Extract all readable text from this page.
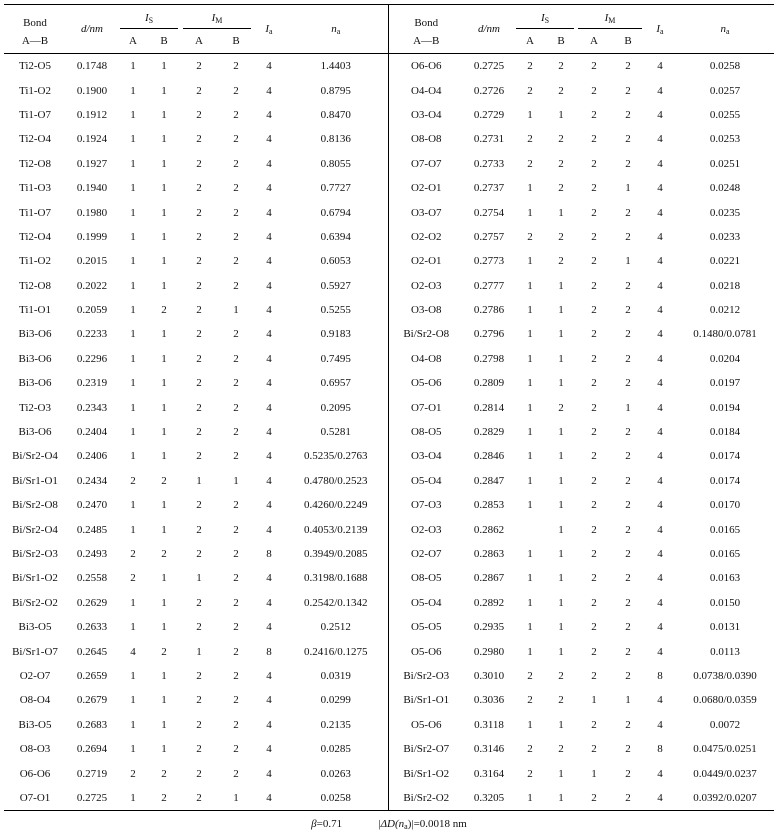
Bond	d/nm	$I_S$		$I_M$		$I_a$	$n_a$	Bond	d/nm	$I_S$		$I_M$		$I_a$	$n_a$
A—B		A	B	A	B			A—B		A	B	A	B		
Ti2-O5	0.1748	1	1	2	2	4	1.4403	O6-O6	0.2725	2	2	2	2	4	0.0258
Ti1-O2	0.1900	1	1	2	2	4	0.8795	O4-O4	0.2726	2	2	2	2	4	0.0257
Ti1-O7	0.1912	1	1	2	2	4	0.8470	O3-O4	0.2729	1	1	2	2	4	0.0255
Ti2-O4	0.1924	1	1	2	2	4	0.8136	O8-O8	0.2731	2	2	2	2	4	0.0253
Ti2-O8	0.1927	1	1	2	2	4	0.8055	O7-O7	0.2733	2	2	2	2	4	0.0251
Ti1-O3	0.1940	1	1	2	2	4	0.7727	O2-O1	0.2737	1	2	2	1	4	0.0248
Ti1-O7	0.1980	1	1	2	2	4	0.6794	O3-O7	0.2754	1	1	2	2	4	0.0235
Ti2-O4	0.1999	1	1	2	2	4	0.6394	O2-O2	0.2757	2	2	2	2	4	0.0233
Ti1-O2	0.2015	1	1	2	2	4	0.6053	O2-O1	0.2773	1	2	2	1	4	0.0221
Ti2-O8	0.2022	1	1	2	2	4	0.5927	O2-O3	0.2777	1	1	2	2	4	0.0218
Ti1-O1	0.2059	1	2	2	1	4	0.5255	O3-O8	0.2786	1	1	2	2	4	0.0212
Bi3-O6	0.2233	1	1	2	2	4	0.9183	Bi/Sr2-O8	0.2796	1	1	2	2	4	0.1480/0.0781
Bi3-O6	0.2296	1	1	2	2	4	0.7495	O4-O8	0.2798	1	1	2	2	4	0.0204
Bi3-O6	0.2319	1	1	2	2	4	0.6957	O5-O6	0.2809	1	1	2	2	4	0.0197
Ti2-O3	0.2343	1	1	2	2	4	0.2095	O7-O1	0.2814	1	2	2	1	4	0.0194
Bi3-O6	0.2404	1	1	2	2	4	0.5281	O8-O5	0.2829	1	1	2	2	4	0.0184
Bi/Sr2-O4	0.2406	1	1	2	2	4	0.5235/0.2763	O3-O4	0.2846	1	1	2	2	4	0.0174
Bi/Sr1-O1	0.2434	2	2	1	1	4	0.4780/0.2523	O5-O4	0.2847	1	1	2	2	4	0.0174
Bi/Sr2-O8	0.2470	1	1	2	2	4	0.4260/0.2249	O7-O3	0.2853	1	1	2	2	4	0.0170
Bi/Sr2-O4	0.2485	1	1	2	2	4	0.4053/0.2139	O2-O3	0.2862		1	2	2	4	0.0165
Bi/Sr2-O3	0.2493	2	2	2	2	8	0.3949/0.2085	O2-O7	0.2863	1	1	2	2	4	0.0165
Bi/Sr1-O2	0.2558	2	1	1	2	4	0.3198/0.1688	O8-O5	0.2867	1	1	2	2	4	0.0163
Bi/Sr2-O2	0.2629	1	1	2	2	4	0.2542/0.1342	O5-O4	0.2892	1	1	2	2	4	0.0150
Bi3-O5	0.2633	1	1	2	2	4	0.2512	O5-O5	0.2935	1	1	2	2	4	0.0131
Bi/Sr1-O7	0.2645	4	2	1	2	8	0.2416/0.1275	O5-O6	0.2980	1	1	2	2	4	0.0113
O2-O7	0.2659	1	1	2	2	4	0.0319	Bi/Sr2-O3	0.3010	2	2	2	2	8	0.0738/0.0390
O8-O4	0.2679	1	1	2	2	4	0.0299	Bi/Sr1-O1	0.3036	2	2	1	1	4	0.0680/0.0359
Bi3-O5	0.2683	1	1	2	2	4	0.2135	O5-O6	0.3118	1	1	2	2	4	0.0072
O8-O3	0.2694	1	1	2	2	4	0.0285	Bi/Sr2-O7	0.3146	2	2	2	2	8	0.0475/0.0251
O6-O6	0.2719	2	2	2	2	4	0.0263	Bi/Sr1-O2	0.3164	2	1	1	2	4	0.0449/0.0237
O7-O1	0.2725	1	2	2	1	4	0.0258	Bi/Sr2-O2	0.3205	1	1	2	2	4	0.0392/0.0207
β=0.71 $|\Delta D(n_a)|=0.0018$ nm															
